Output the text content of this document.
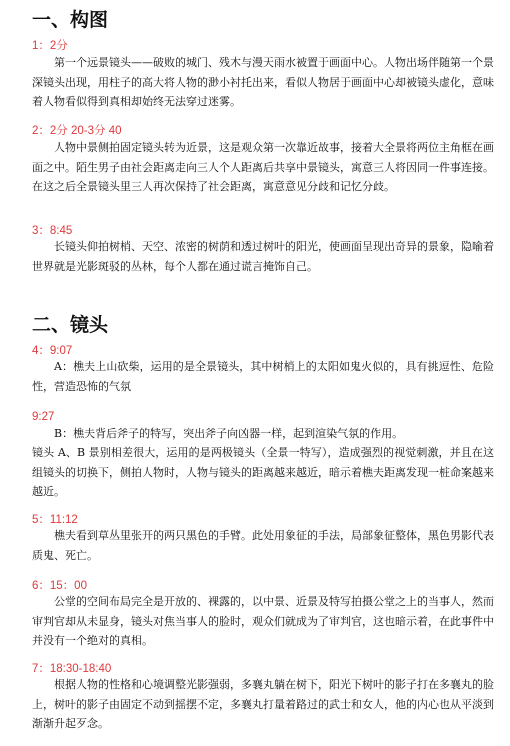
一、构图
1：2分

第一个远景镜头——破败的城门、残木与漫天雨水被置于画面中心。人物出场伴随第一个景深镜头出现，用柱子的高大将人物的渺小衬托出来，看似人物居于画面中心却被镜头虚化，意味着人物看似得到真相却始终无法穿过迷雾。

2：2分 20-3分 40

人物中景侧拍固定镜头转为近景，这是观众第一次靠近故事，接着大全景将两位主角框在画面之中。陌生男子由社会距离走向三人个人距离后共享中景镜头，寓意三人将因同一件事连接。在这之后全景镜头里三人再次保持了社会距离，寓意意见分歧和记忆分歧。

3：8:45

长镜头仰拍树梢、天空、浓密的树荫和透过树叶的阳光，使画面呈现出奇异的景象，隐喻着世界就是光影斑驳的丛林，每个人都在通过谎言掩饰自己。

二、镜头
4：9:07

A：樵夫上山砍柴，运用的是全景镜头，其中树梢上的太阳如鬼火似的，具有挑逗性、危险性，营造恐怖的气氛

9:27

B：樵夫背后斧子的特写，突出斧子向凶器一样，起到渲染气氛的作用。

镜头 A、B 景别相差很大，运用的是两极镜头（全景一特写），造成强烈的视觉刺激，并且在这组镜头的切换下，侧拍人物时，人物与镜头的距离越来越近，暗示着樵夫距离发现一桩命案越来越近。

5：11:12

樵夫看到草丛里张开的两只黑色的手臂。此处用象征的手法，局部象征整体，黑色男影代表质鬼、死亡。

6：15：00

公堂的空间布局完全是开放的、裸露的，以中景、近景及特写拍摄公堂之上的当事人，然而审判官却从未显身，镜头对焦当事人的脸时，观众们就成为了审判官，这也暗示着，在此事件中并没有一个绝对的真相。

7：18:30-18:40

根据人物的性格和心境调整光影强弱，多襄丸躺在树下，阳光下树叶的影子打在多襄丸的脸上，树叶的影子由固定不动到摇摆不定，多襄丸打量着路过的武士和女人，他的内心也从平淡到渐渐升起歹念。
